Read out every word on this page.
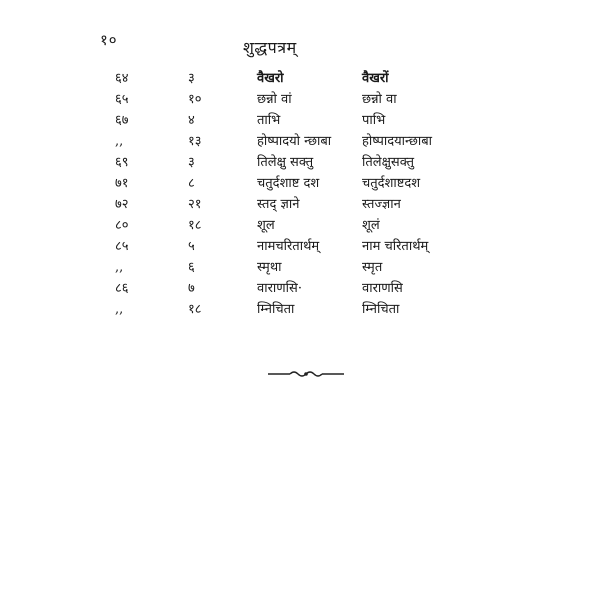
१०	शुद्धपत्रम्
६४	३	वैखरो	वैखरों
६५	१०	छन्नो वां	छन्नो वा
६७	४	ताभि	पाभि
,,	१३	होष्पादयो न्छाबा	होष्पादयान्छाबा
६९	३	तिलेक्षु सक्तु	तिलेक्षुसक्तु
७१	८	चतुर्दशाष्ट दश	चतुर्दशाष्टदश
७२	२१	स्तद् ज्ञाने	स्तज्ज्ञान
८०	१८	शूल	शूलं
८५	५	नामचरितार्थम्	नाम चरितार्थम्
,,	६	स्मृथा	स्मृत
८६	७	वाराणसि·	वाराणसि
,,	१८	म्निचिता	म्निचिता
